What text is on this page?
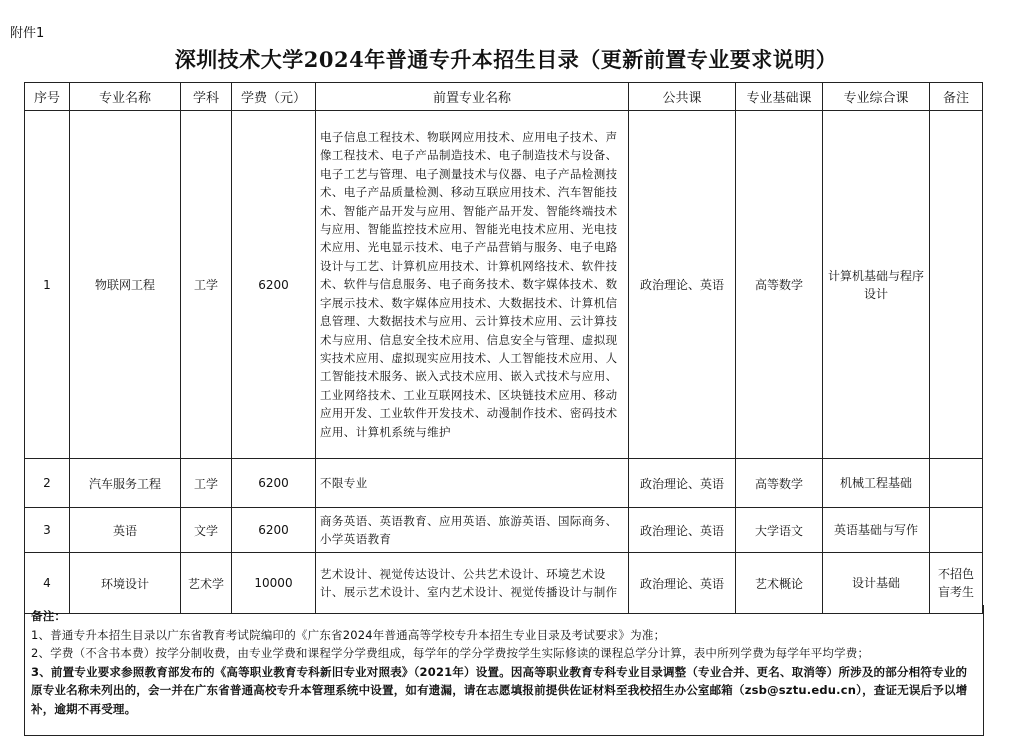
附件1
深圳技术大学2024年普通专升本招生目录（更新前置专业要求说明）
序号	专业名称	学科	学费（元）	前置专业名称	公共课	专业基础课	专业综合课	备注
1	物联网工程	工学	6200	电子信息工程技术、物联网应用技术、应用电子技术、声像工程技术、电子产品制造技术、电子制造技术与设备、电子工艺与管理、电子测量技术与仪器、电子产品检测技术、电子产品质量检测、移动互联应用技术、汽车智能技术、智能产品开发与应用、智能产品开发、智能终端技术与应用、智能监控技术应用、智能光电技术应用、光电技术应用、光电显示技术、电子产品营销与服务、电子电路设计与工艺、计算机应用技术、计算机网络技术、软件技术、软件与信息服务、电子商务技术、数字媒体技术、数字展示技术、数字媒体应用技术、大数据技术、计算机信息管理、大数据技术与应用、云计算技术应用、云计算技术与应用、信息安全技术应用、信息安全与管理、虚拟现实技术应用、虚拟现实应用技术、人工智能技术应用、人工智能技术服务、嵌入式技术应用、嵌入式技术与应用、工业网络技术、工业互联网技术、区块链技术应用、移动应用开发、工业软件开发技术、动漫制作技术、密码技术应用、计算机系统与维护	政治理论、英语	高等数学	计算机基础与程序设计	
2	汽车服务工程	工学	6200	不限专业	政治理论、英语	高等数学	机械工程基础	
3	英语	文学	6200	商务英语、英语教育、应用英语、旅游英语、国际商务、小学英语教育	政治理论、英语	大学语文	英语基础与写作	
4	环境设计	艺术学	10000	艺术设计、视觉传达设计、公共艺术设计、环境艺术设计、展示艺术设计、室内艺术设计、视觉传播设计与制作	政治理论、英语	艺术概论	设计基础	不招色盲考生

备注：

1、普通专升本招生目录以广东省教育考试院编印的《广东省2024年普通高等学校专升本招生专业目录及考试要求》为准；

2、学费（不含书本费）按学分制收费，由专业学费和课程学分学费组成，每学年的学分学费按学生实际修读的课程总学分计算，表中所列学费为每学年平均学费；

3、前置专业要求参照教育部发布的《高等职业教育专科新旧专业对照表》（2021年）设置。因高等职业教育专科专业目录调整（专业合并、更名、取消等）所涉及的部分相符专业的原专业名称未列出的，会一并在广东省普通高校专升本管理系统中设置，如有遗漏，请在志愿填报前提供佐证材料至我校招生办公室邮箱（zsb@sztu.edu.cn），查证无误后予以增补，逾期不再受理。
